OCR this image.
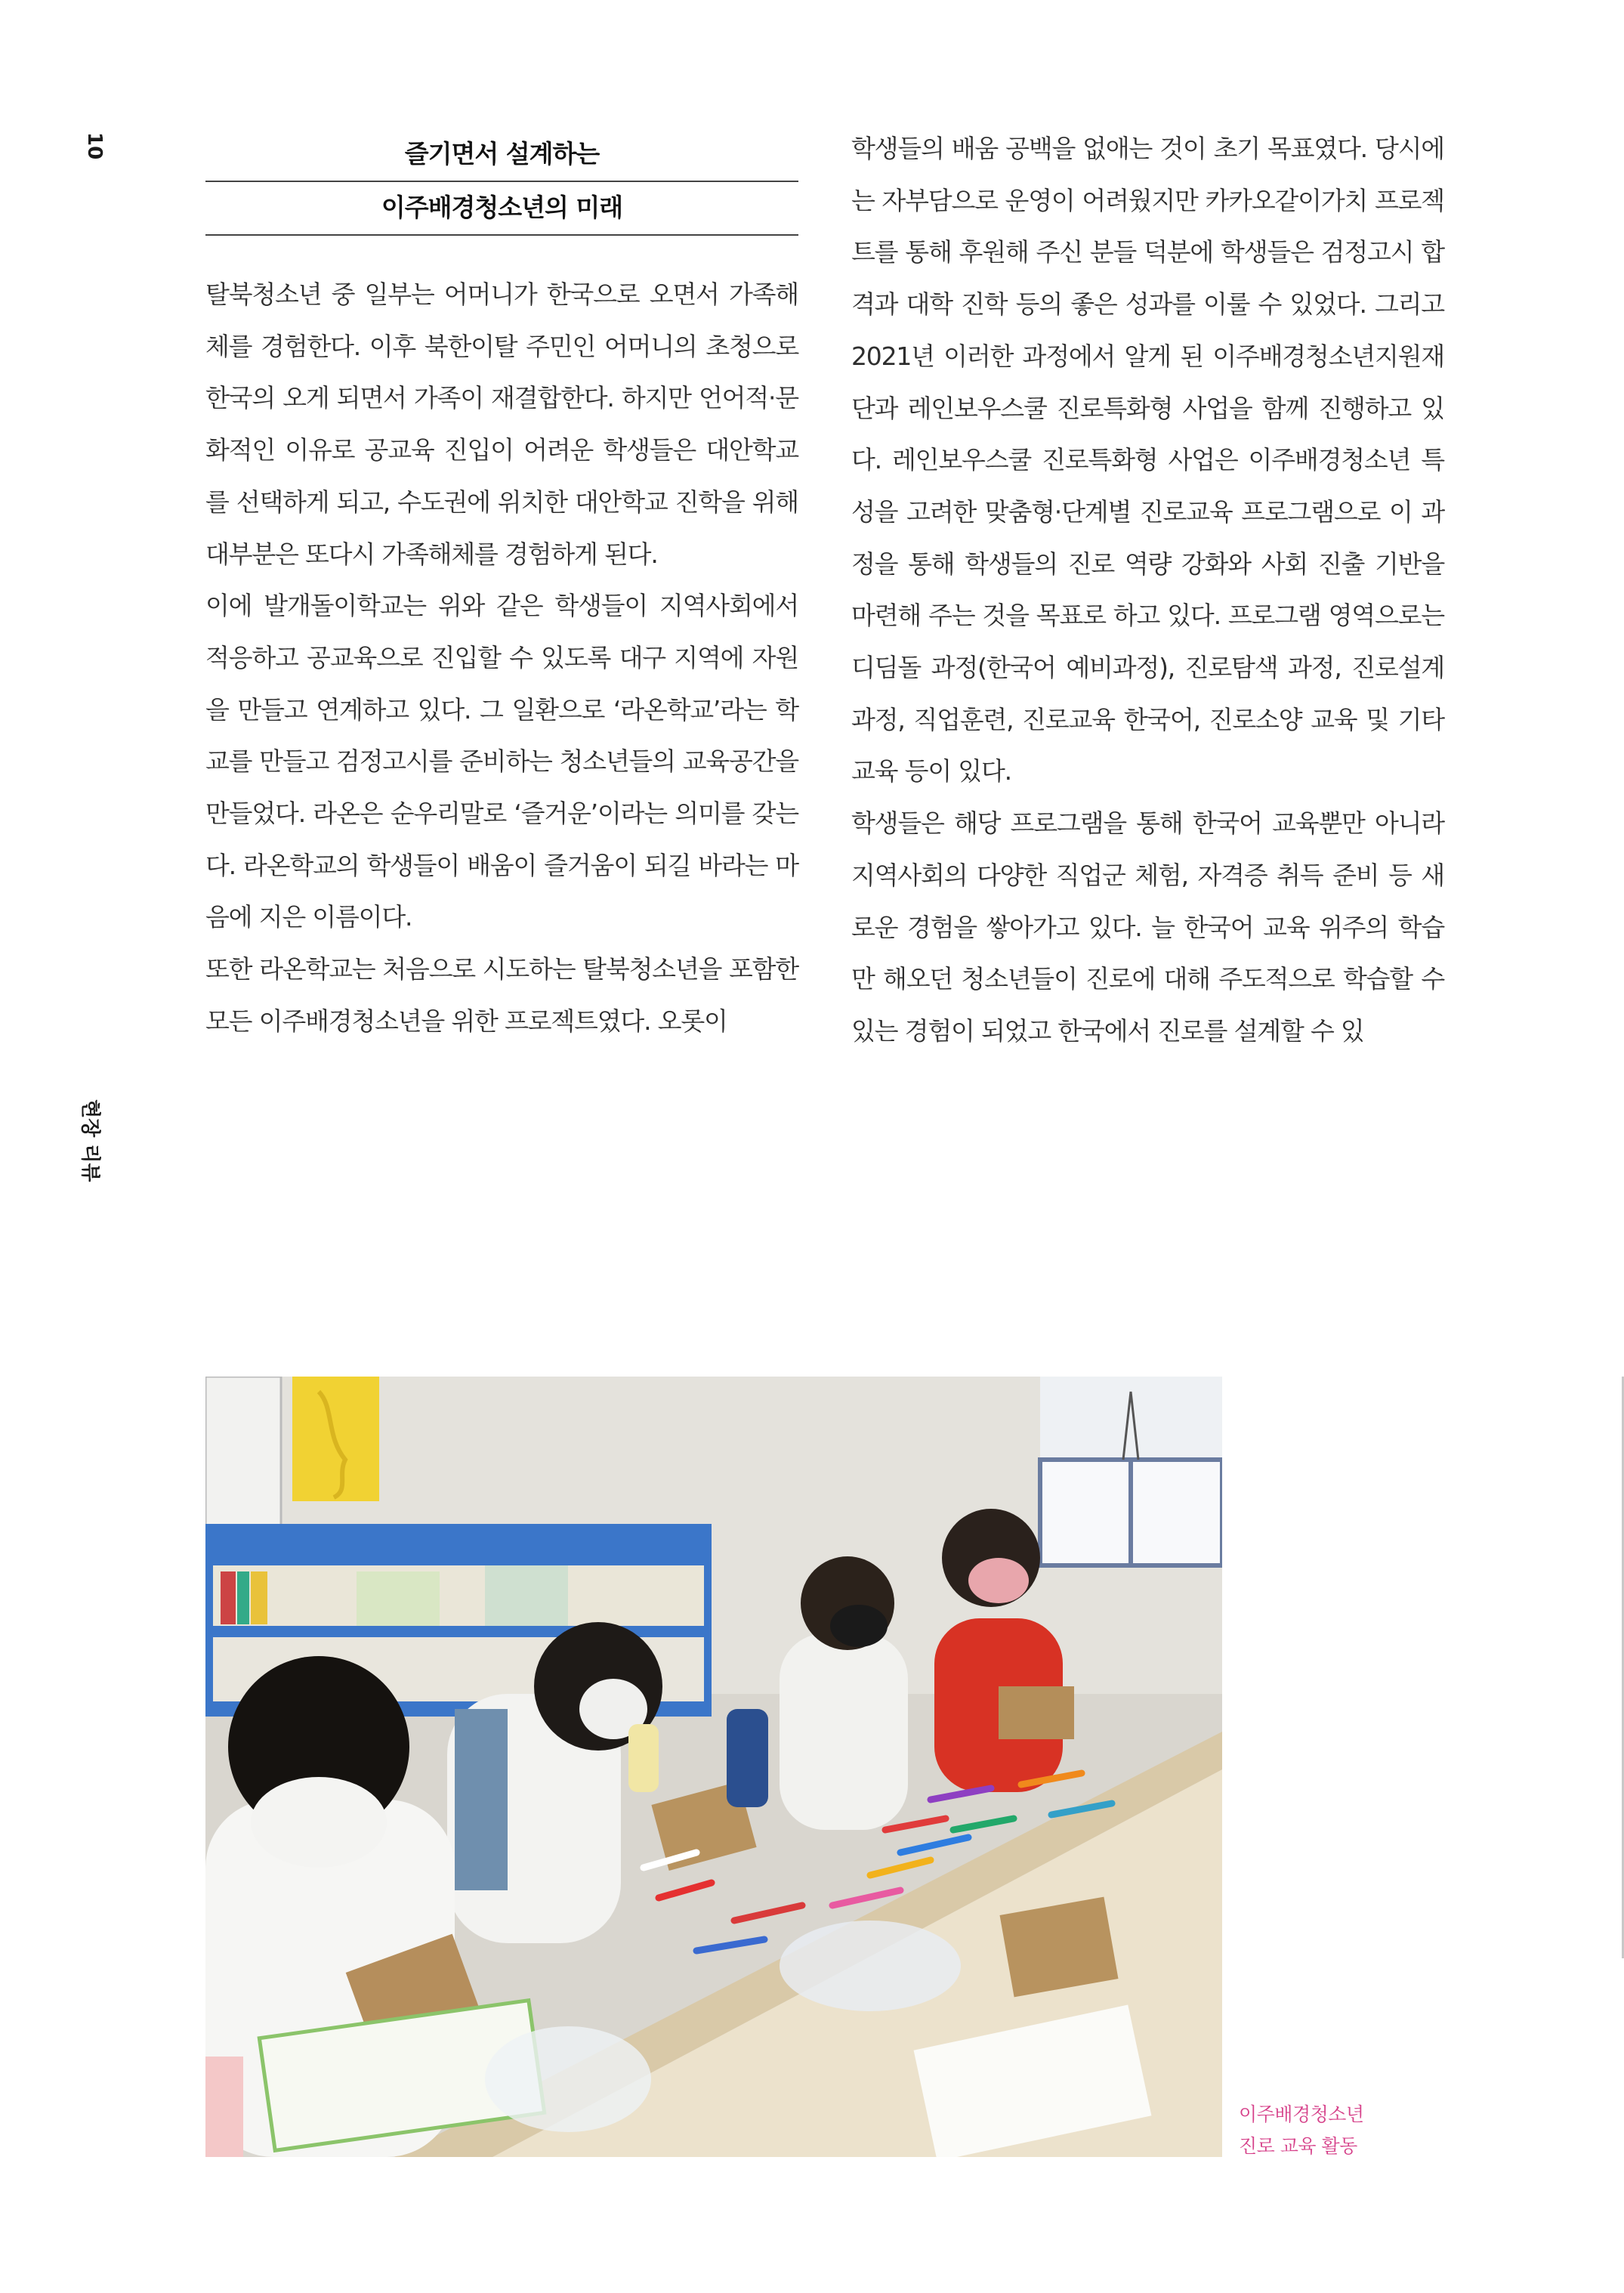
10
현장 리뷰
즐기면서 설계하는
이주배경청소년의 미래

탈북청소년 중 일부는 어머니가 한국으로 오면서 가족해체를 경험한다. 이후 북한이탈 주민인 어머니의 초청으로 한국의 오게 되면서 가족이 재결합한다. 하지만 언어적·문화적인 이유로 공교육 진입이 어려운 학생들은 대안학교를 선택하게 되고, 수도권에 위치한 대안학교 진학을 위해 대부분은 또다시 가족해체를 경험하게 된다.

이에 발개돌이학교는 위와 같은 학생들이 지역사회에서 적응하고 공교육으로 진입할 수 있도록 대구 지역에 자원을 만들고 연계하고 있다. 그 일환으로 ‘라온학교’라는 학교를 만들고 검정고시를 준비하는 청소년들의 교육공간을 만들었다. 라온은 순우리말로 ‘즐거운’이라는 의미를 갖는다. 라온학교의 학생들이 배움이 즐거움이 되길 바라는 마음에 지은 이름이다.

또한 라온학교는 처음으로 시도하는 탈북청소년을 포함한 모든 이주배경청소년을 위한 프로젝트였다. 오롯이

학생들의 배움 공백을 없애는 것이 초기 목표였다. 당시에는 자부담으로 운영이 어려웠지만 카카오같이가치 프로젝트를 통해 후원해 주신 분들 덕분에 학생들은 검정고시 합격과 대학 진학 등의 좋은 성과를 이룰 수 있었다. 그리고 2021년 이러한 과정에서 알게 된 이주배경청소년지원재단과 레인보우스쿨 진로특화형 사업을 함께 진행하고 있다. 레인보우스쿨 진로특화형 사업은 이주배경청소년 특성을 고려한 맞춤형·단계별 진로교육 프로그램으로 이 과정을 통해 학생들의 진로 역량 강화와 사회 진출 기반을 마련해 주는 것을 목표로 하고 있다. 프로그램 영역으로는 디딤돌 과정(한국어 예비과정), 진로탐색 과정, 진로설계 과정, 직업훈련, 진로교육 한국어, 진로소양 교육 및 기타 교육 등이 있다.

학생들은 해당 프로그램을 통해 한국어 교육뿐만 아니라 지역사회의 다양한 직업군 체험, 자격증 취득 준비 등 새로운 경험을 쌓아가고 있다. 늘 한국어 교육 위주의 학습만 해오던 청소년들이 진로에 대해 주도적으로 학습할 수 있는 경험이 되었고 한국에서 진로를 설계할 수 있

이주배경청소년
진로 교육 활동
